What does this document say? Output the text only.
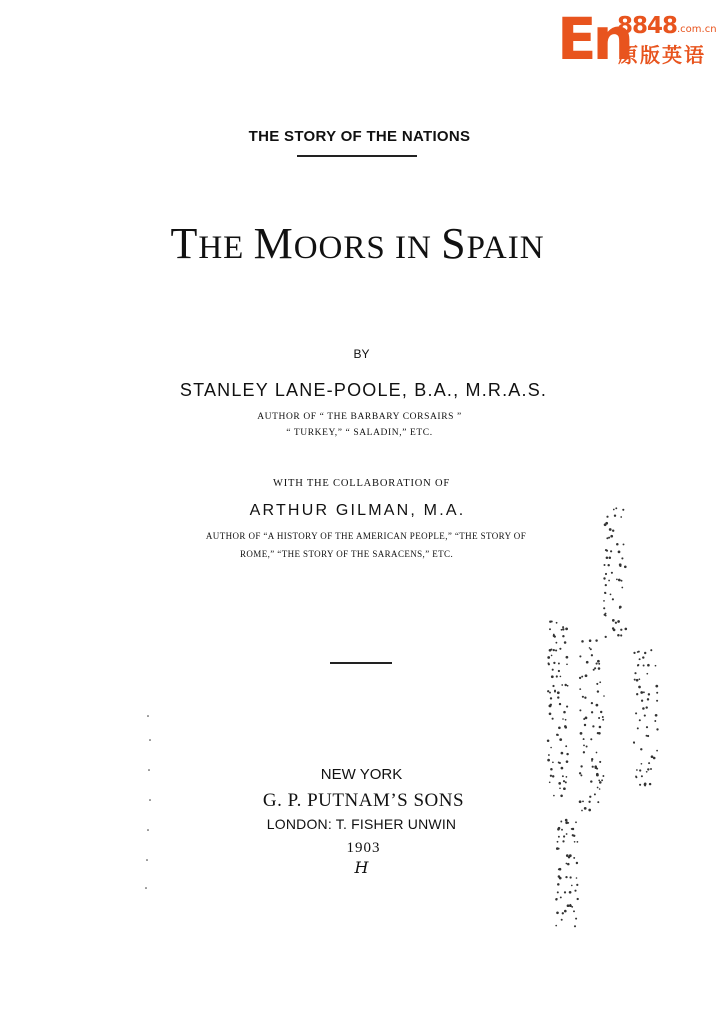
En
8848 .com.cn
原版英语
THE STORY OF THE NATIONS
THE MOORS IN SPAIN
BY
STANLEY LANE-POOLE, B.A., M.R.A.S.
AUTHOR OF “ THE BARBARY CORSAIRS ”
“ TURKEY,” “ SALADIN,” ETC.
WITH THE COLLABORATION OF
ARTHUR GILMAN, M.A.
AUTHOR OF “A HISTORY OF THE AMERICAN PEOPLE,” “THE STORY OF
ROME,” “THE STORY OF THE SARACENS,” ETC.
NEW YORK
G. P. PUTNAM’S SONS
LONDON: T. FISHER UNWIN
1903
H
